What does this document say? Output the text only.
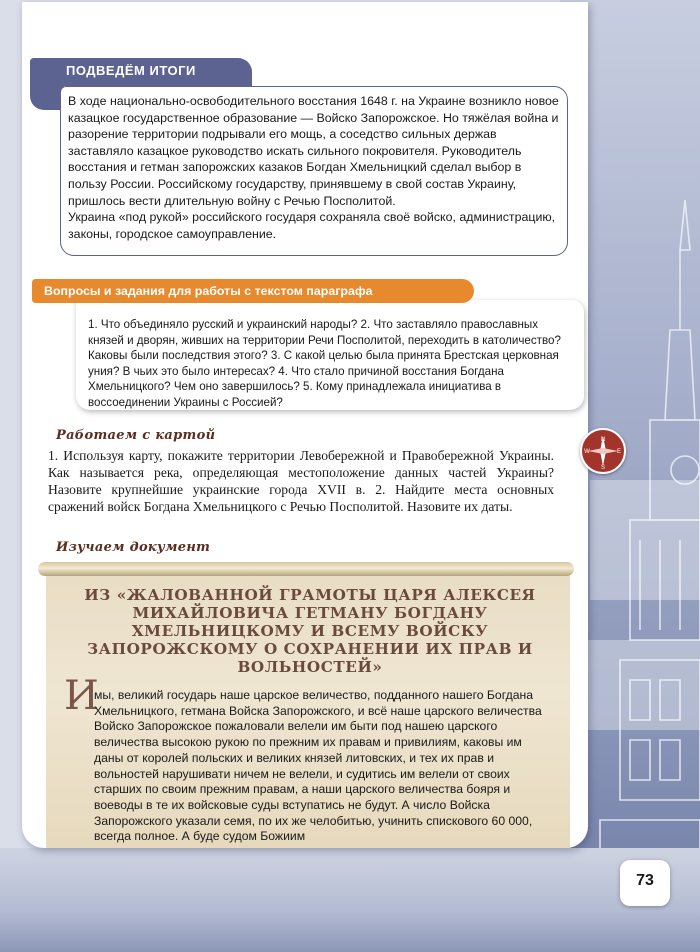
ПОДВЕДЁМ ИТОГИ

В ходе национально-освободительного восстания 1648 г. на Украине возникло новое казацкое государственное образование — Войско Запорожское. Но тяжёлая война и разорение территории подрывали его мощь, а соседство сильных держав заставляло казацкое руководство искать сильного покровителя. Руководитель восстания и гетман запорожских казаков Богдан Хмельницкий сделал выбор в пользу России. Российскому государству, принявшему в свой состав Украину, пришлось вести длительную войну с Речью Посполитой.

Украина «под рукой» российского государя сохраняла своё войско, администрацию, законы, городское самоуправление.

Вопросы и задания для работы с текстом параграфа
1. Что объединяло русский и украинский народы? 2. Что заставляло православных князей и дворян, живших на территории Речи Посполитой, переходить в католичество? Каковы были последствия этого? 3. С какой целью была принята Брестская церковная уния? В чьих это было интересах? 4. Что стало причиной восстания Богдана Хмельницкого? Чем оно завершилось? 5. Кому принадлежала инициатива в воссоединении Украины с Россией?
Работаем с картой
1. Используя карту, покажите территории Левобережной и Правобережной Украины. Как называется река, определяющая местоположение данных частей Украины? Назовите крупнейшие украинские города XVII в. 2. Найдите места основных сражений войск Богдана Хмельницкого с Речью Посполитой. Назовите их даты.
N
S
W	E
Изучаем документ
ИЗ «ЖАЛОВАННОЙ ГРАМОТЫ ЦАРЯ АЛЕКСЕЯ МИХАЙЛОВИЧА ГЕТМАНУ БОГДАНУ ХМЕЛЬНИЦКОМУ И ВСЕМУ ВОЙСКУ ЗАПОРОЖСКОМУ О СОХРАНЕНИИ ИХ ПРАВ И ВОЛЬНОСТЕЙ»
И
мы, великий государь наше царское величество, подданного нашего Богдана Хмельницкого, гетмана Войска Запорожского, и всё наше царского величества Войско Запорожское пожаловали велели им быти под нашею царского величества высокою рукою по прежним их правам и привилиям, каковы им даны от королей польских и великих князей литовских, и тех их прав и вольностей нарушивати ничем не велели, и судитись им велели от своих старших по своим прежним правам, а наши царского величества бояря и воеводы в те их войсковые суды вступатись не будут. А число Войска Запорожского указали семя, по их же челобитью, учинить спискового 60 000, всегда полное. А буде судом Божиим
73
